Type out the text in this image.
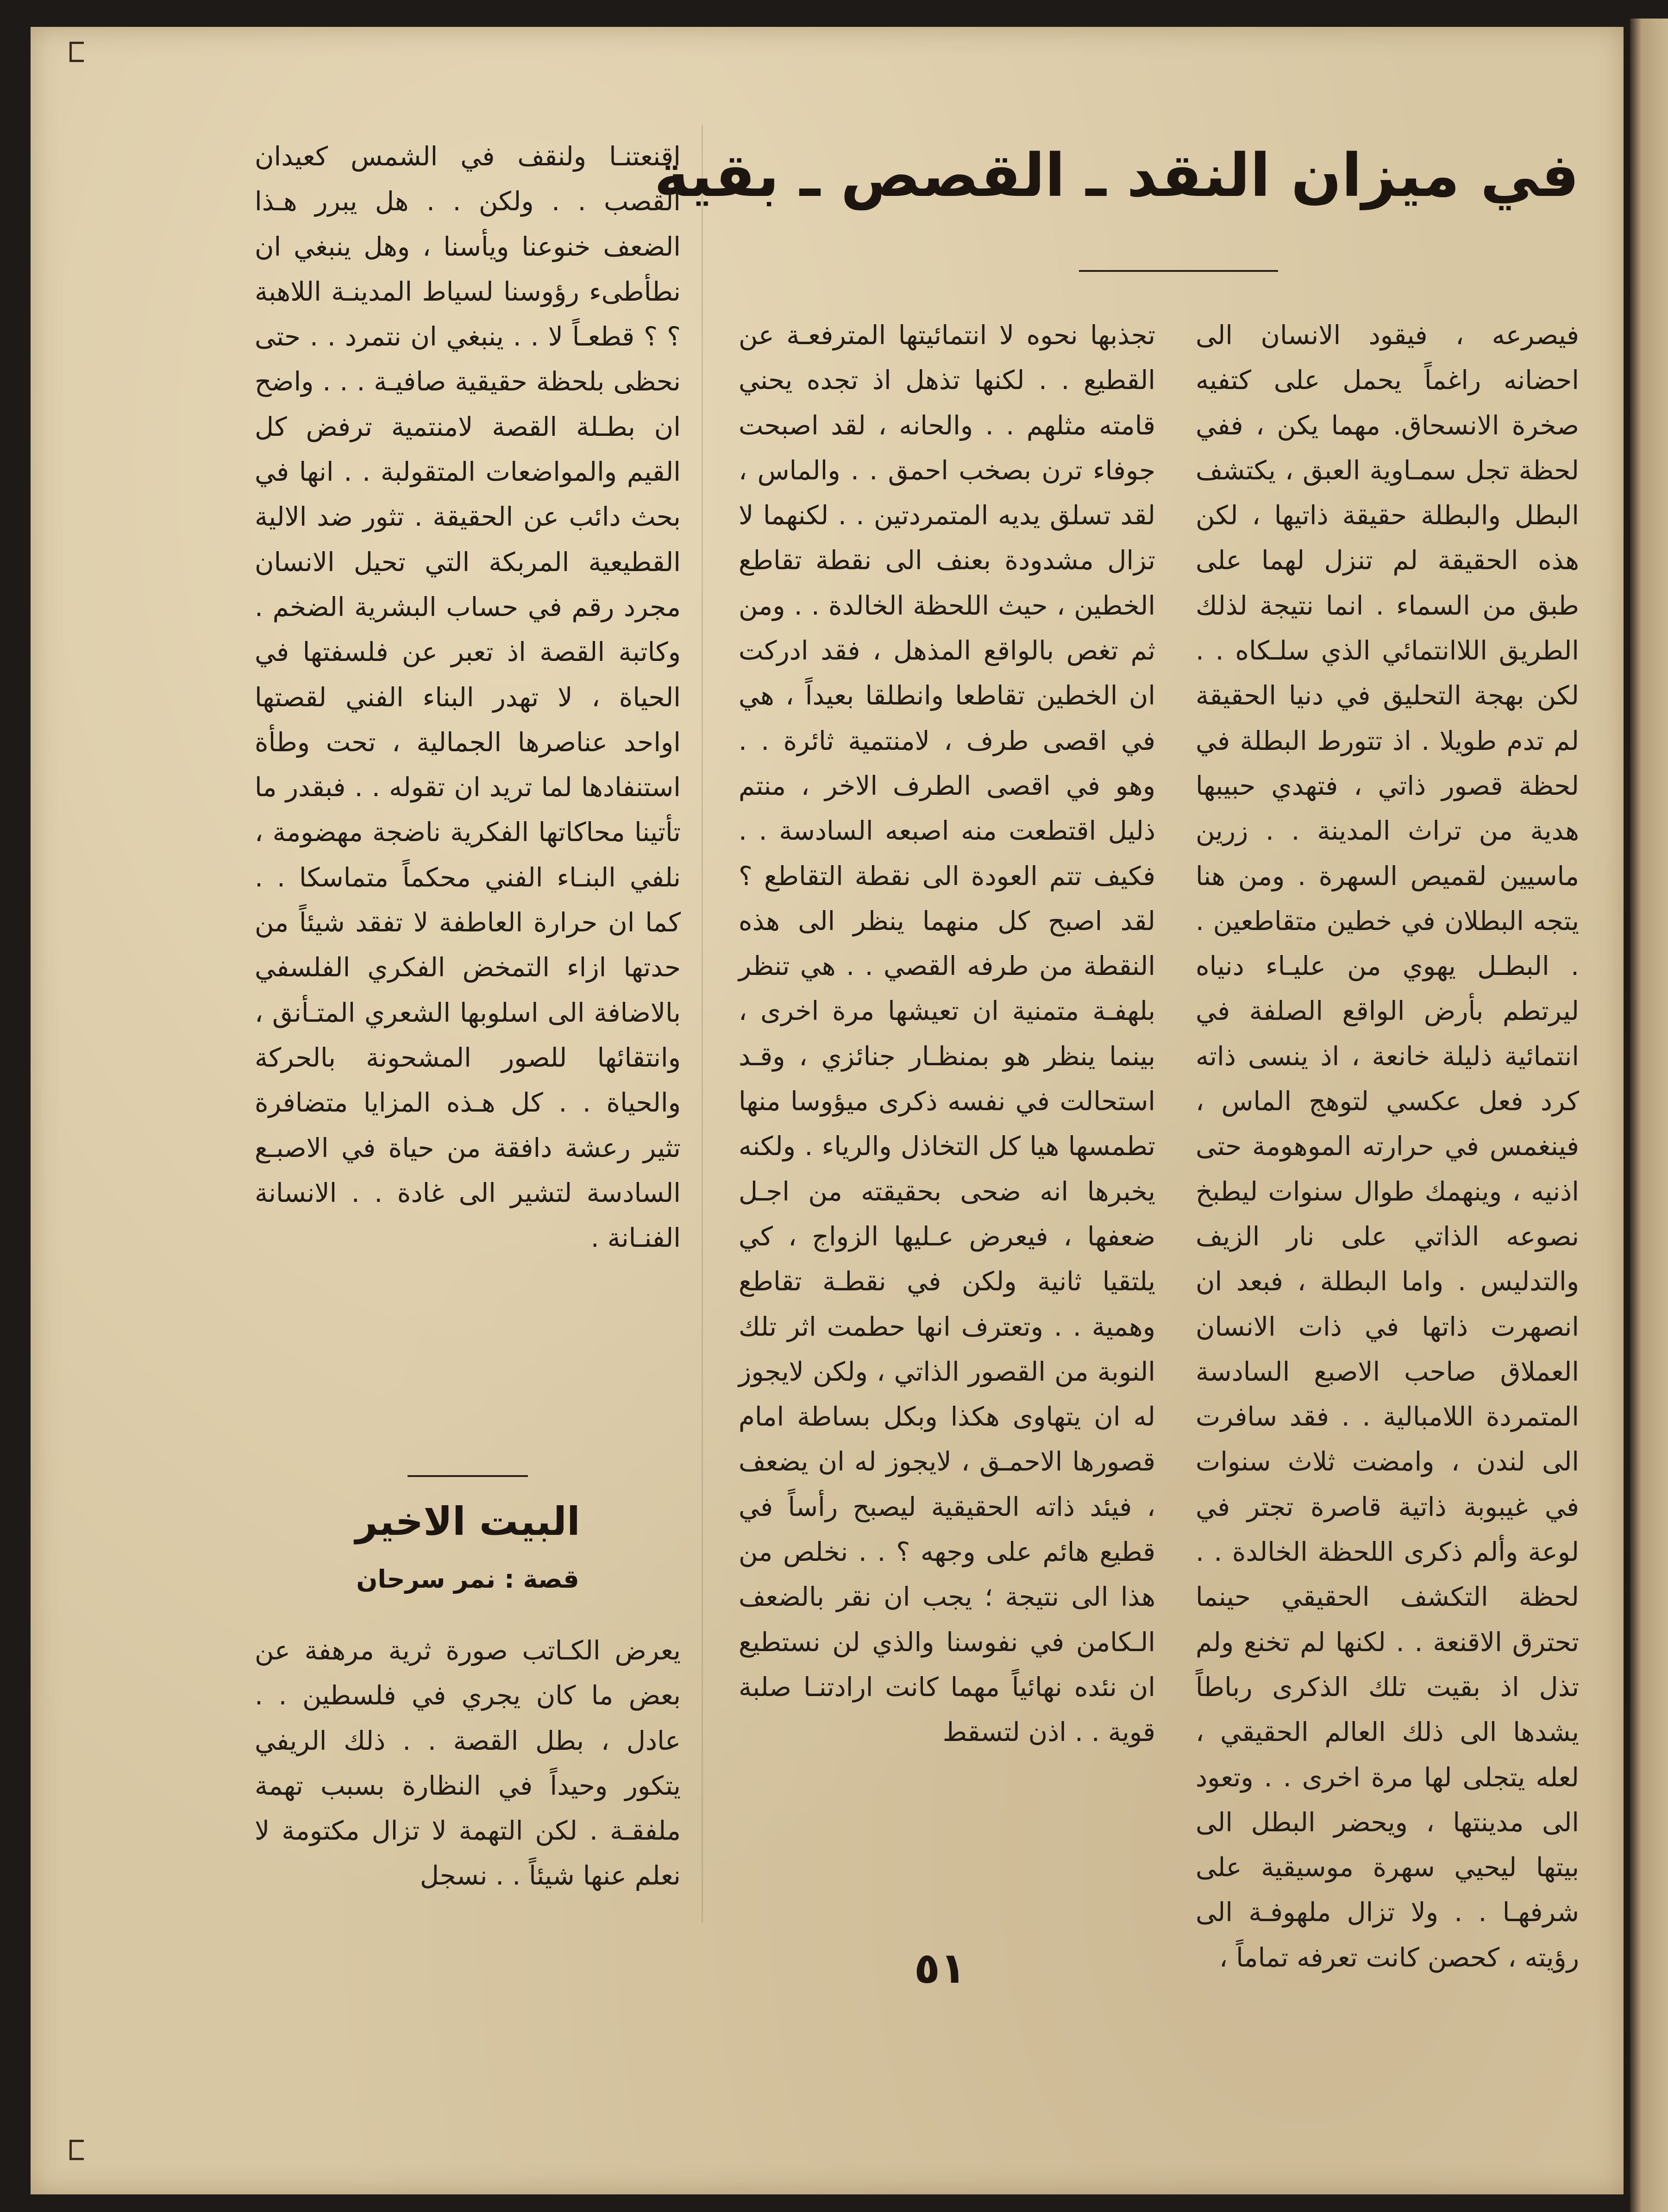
في ميزان النقد ـ القصص ـ بقية

فيصرعه ، فيقود الانسان الى احضانه راغماً يحمل على كتفيه صخرة الانسحاق. مهما يكن ، ففي لحظة تجل سمـاوية العبق ، يكتشف البطل والبطلة حقيقة ذاتيها ، لكن هذه الحقيقة لم تنزل لهما على طبق من السماء . انما نتيجة لذلك الطريق اللاانتمائي الذي سلـكاه . . لكن بهجة التحليق في دنيا الحقيقة لم تدم طويلا . اذ تتورط البطلة في لحظة قصور ذاتي ، فتهدي حبيبها هدية من تراث المدينة . . زرين ماسيين لقميص السهرة . ومن هنا يتجه البطلان في خطين متقاطعين . . البطـل يهوي من عليـاء دنياه ليرتطم بأرض الواقع الصلفة في انتمائية ذليلة خانعة ، اذ ينسى ذاته كرد فعل عكسي لتوهج الماس ، فينغمس في حرارته الموهومة حتى اذنيه ، وينهمك طوال سنوات ليطبخ نصوعه الذاتي على نار الزيف والتدليس . واما البطلة ، فبعد ان انصهرت ذاتها في ذات الانسان العملاق صاحب الاصبع السادسة المتمردة اللامبالية . . فقد سافرت الى لندن ، وامضت ثلاث سنوات في غيبوبة ذاتية قاصرة تجتر في لوعة وألم ذكرى اللحظة الخالدة . . لحظة التكشف الحقيقي حينما تحترق الاقنعة . . لكنها لم تخنع ولم تذل اذ بقيت تلك الذكرى رباطاً يشدها الى ذلك العالم الحقيقي ، لعله يتجلى لها مرة اخرى . . وتعود الى مدينتها ، ويحضر البطل الى بيتها ليحيي سهرة موسيقية على شرفهـا . . ولا تزال ملهوفـة الى رؤيته ، كحصن كانت تعرفه تماماً ،

تجذبها نحوه لا انتمائيتها المترفعـة عن القطيع . . لكنها تذهل اذ تجده يحني قامته مثلهم . . والحانه ، لقد اصبحت جوفاء ترن بصخب احمق . . والماس ، لقد تسلق يديه المتمردتين . . لكنهما لا تزال مشدودة بعنف الى نقطة تقاطع الخطين ، حيث اللحظة الخالدة . . ومن ثم تغص بالواقع المذهل ، فقد ادركت ان الخطين تقاطعا وانطلقا بعيداً ، هي في اقصى طرف ، لامنتمية ثائرة . . وهو في اقصى الطرف الاخر ، منتم ذليل اقتطعت منه اصبعه السادسة . . فكيف تتم العودة الى نقطة التقاطع ؟ لقد اصبح كل منهما ينظر الى هذه النقطة من طرفه القصي . . هي تنظر بلهفـة متمنية ان تعيشها مرة اخرى ، بينما ينظر هو بمنظـار جنائزي ، وقـد استحالت في نفسه ذكرى ميؤوسا منها تطمسها هيا كل التخاذل والرياء . ولكنه يخبرها انه ضحى بحقيقته من اجـل ضعفها ، فيعرض عـليها الزواج ، كي يلتقيا ثانية ولكن في نقطـة تقاطع وهمية . . وتعترف انها حطمت اثر تلك النوبة من القصور الذاتي ، ولكن لايجوز له ان يتهاوى هكذا وبكل بساطة امام قصورها الاحمـق ، لايجوز له ان يضعف ، فيئد ذاته الحقيقية ليصبح رأساً في قطيع هائم على وجهه ؟ . . نخلص من هذا الى نتيجة ؛ يجب ان نقر بالضعف الـكامن في نفوسنا والذي لن نستطيع ان نئده نهائياً مهما كانت ارادتنـا صلبة قوية . . اذن لتسقط

اقنعتنـا ولنقف في الشمس كعيدان القصب . . ولكن . . هل يبرر هـذا الضعف خنوعنا ويأسنا ، وهل ينبغي ان نطأطىء رؤوسنا لسياط المدينـة اللاهبة ؟ ؟ قطعـاً لا . . ينبغي ان نتمرد . . حتى نحظى بلحظة حقيقية صافيـة . . . واضح ان بطـلة القصة لامنتمية ترفض كل القيم والمواضعات المتقولبة . . انها في بحث دائب عن الحقيقة . تثور ضد الالية القطيعية المربكة التي تحيل الانسان مجرد رقم في حساب البشرية الضخم . وكاتبة القصة اذ تعبر عن فلسفتها في الحياة ، لا تهدر البناء الفني لقصتها اواحد عناصرها الجمالية ، تحت وطأة استنفادها لما تريد ان تقوله . . فبقدر ما تأتينا محاكاتها الفكرية ناضجة مهضومة ، نلفي البنـاء الفني محكماً متماسكا . . كما ان حرارة العاطفة لا تفقد شيئاً من حدتها ازاء التمخض الفكري الفلسفي بالاضافة الى اسلوبها الشعري المتـأنق ، وانتقائها للصور المشحونة بالحركة والحياة . . كل هـذه المزايا متضافرة تثير رعشة دافقة من حياة في الاصبـع السادسة لتشير الى غادة . . الانسانة الفنـانة .

البيت الاخير

قصة : نمر سرحان

يعرض الكـاتب صورة ثرية مرهفة عن بعض ما كان يجري في فلسطين . . عادل ، بطل القصة . . ذلك الريفي يتكور وحيداً في النظارة بسبب تهمة ملفقـة . لكن التهمة لا تزال مكتومة لا نعلم عنها شيئاً . . نسجل

٥١
